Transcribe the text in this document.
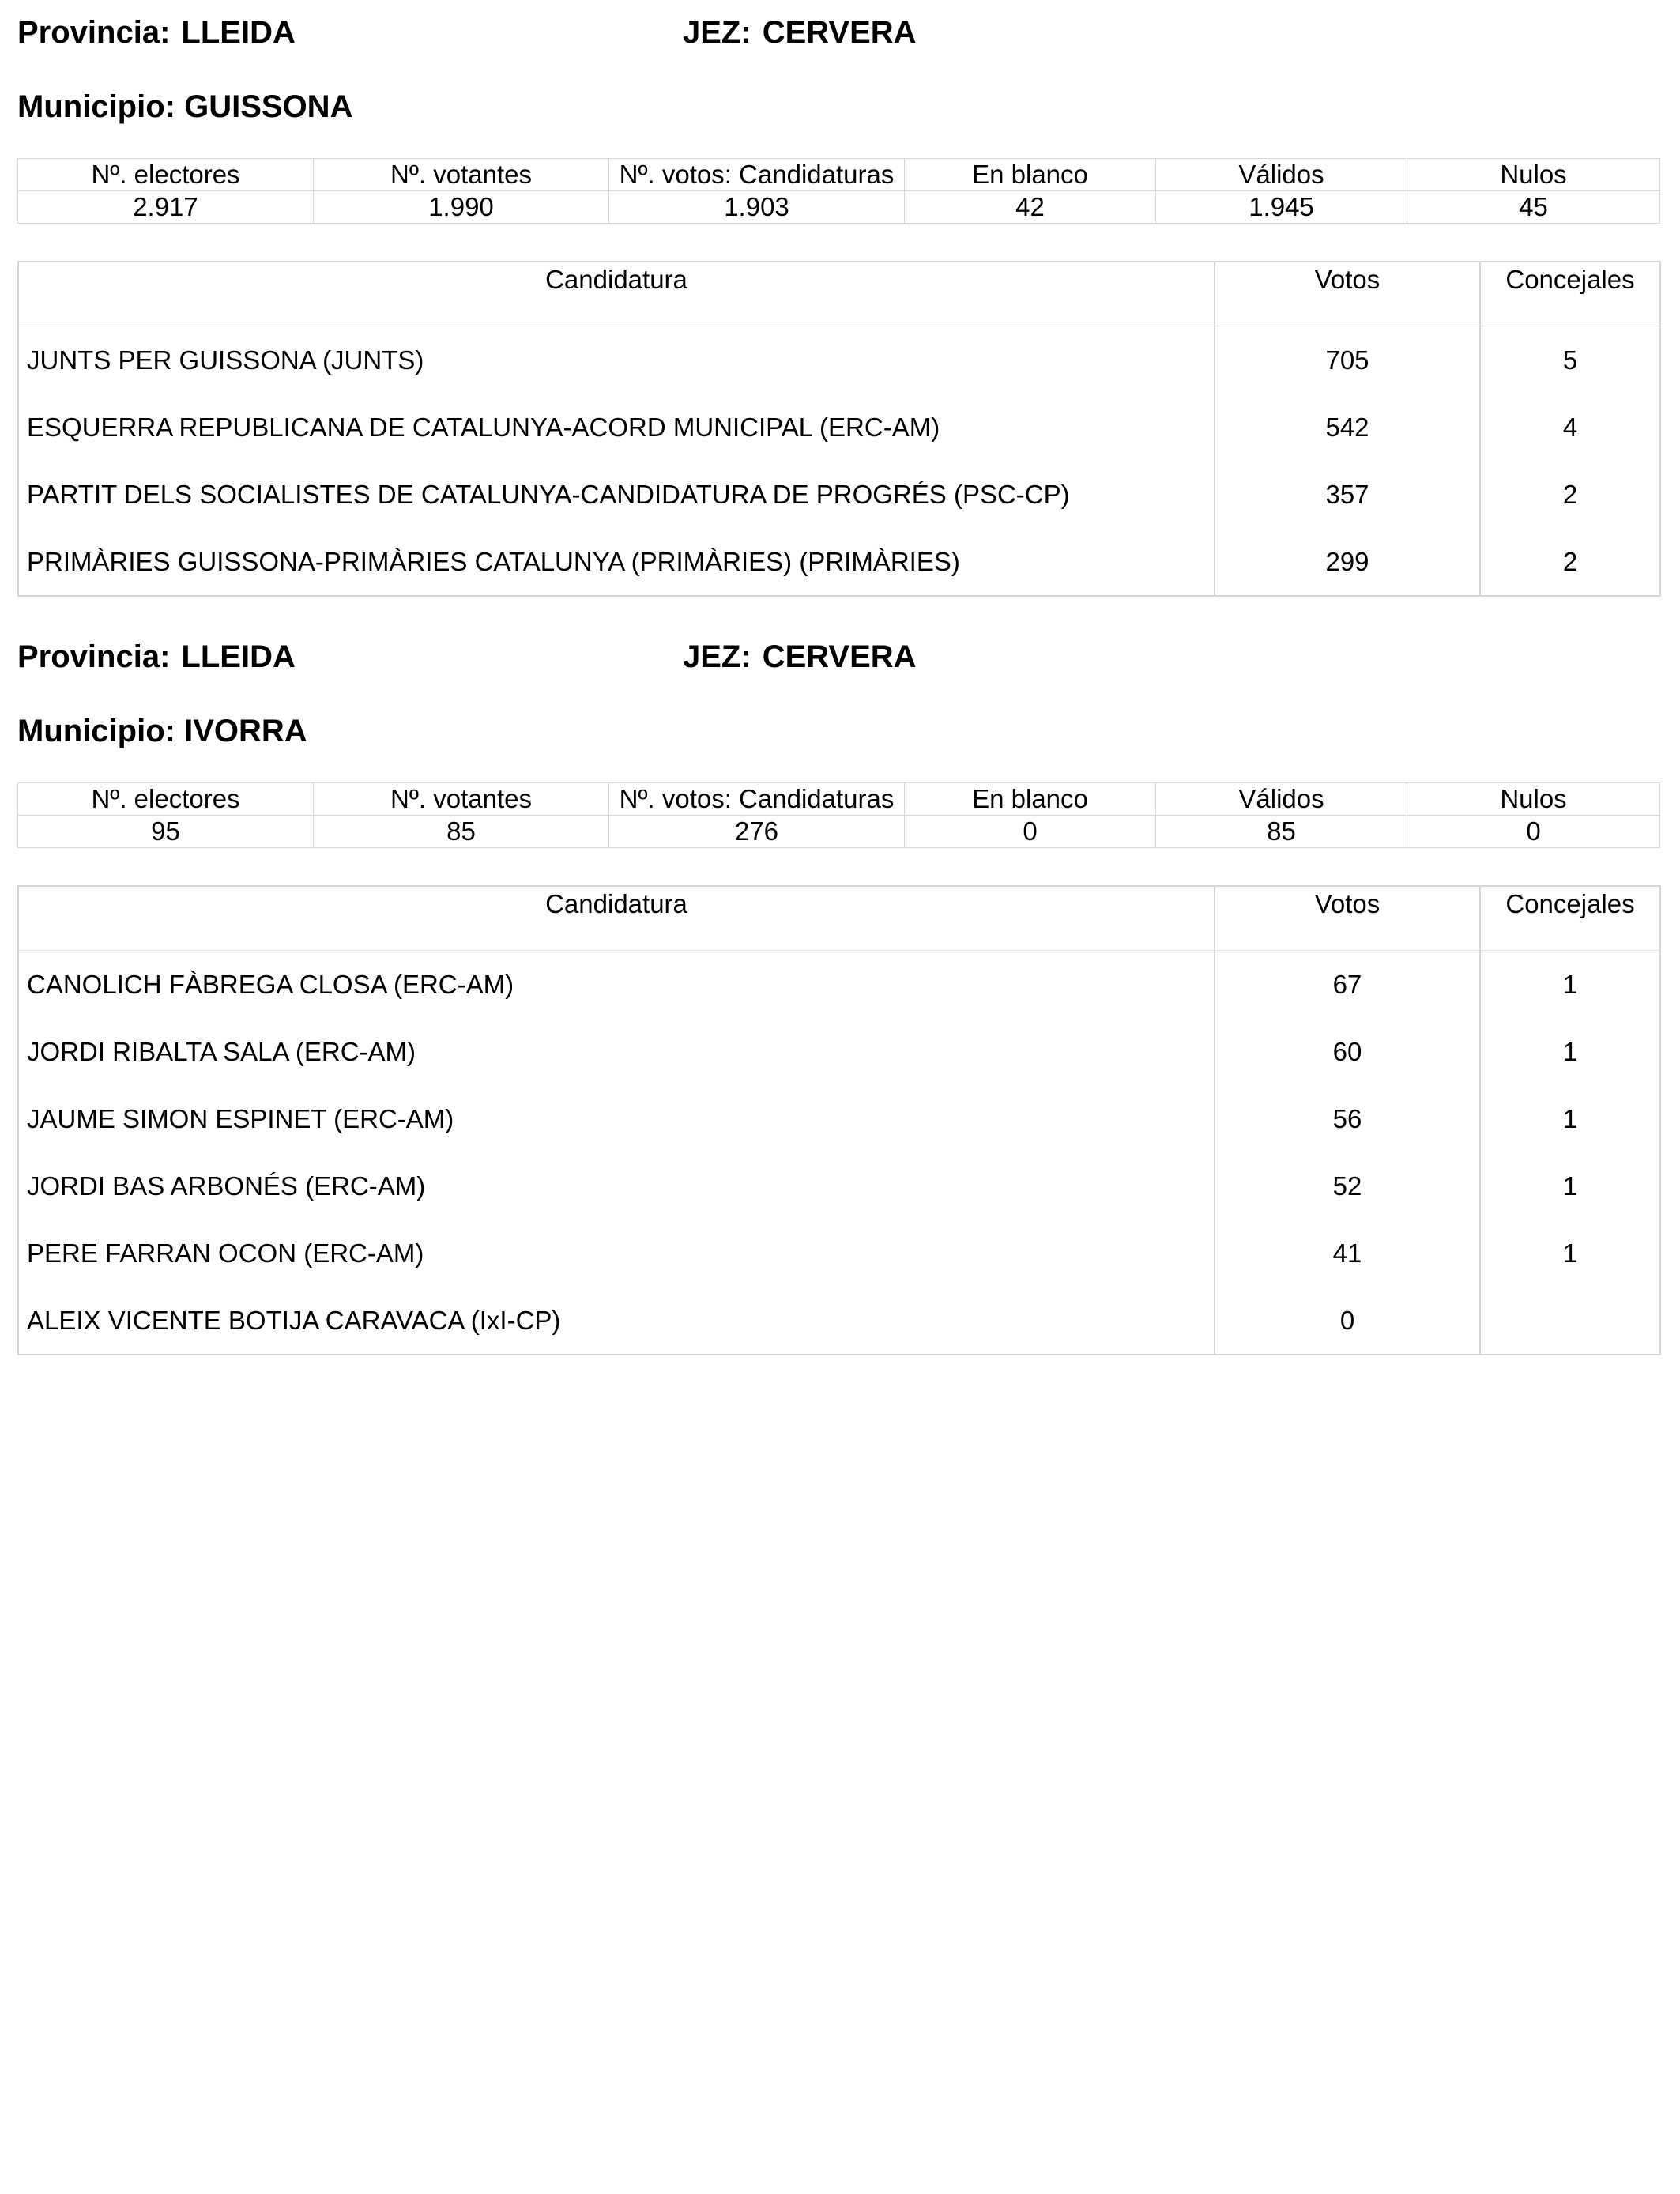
Provincia: LLEIDA	JEZ: CERVERA
Municipio: GUISSONA
Nº. electores	Nº. votantes	Nº. votos: Candidaturas	En blanco	Válidos	Nulos
2.917	1.990	1.903	42	1.945	45
Candidatura	Votos	Concejales
JUNTS PER GUISSONA (JUNTS)	705	5
ESQUERRA REPUBLICANA DE CATALUNYA-ACORD MUNICIPAL (ERC-AM)	542	4
PARTIT DELS SOCIALISTES DE CATALUNYA-CANDIDATURA DE PROGRÉS (PSC-CP)	357	2
PRIMÀRIES GUISSONA-PRIMÀRIES CATALUNYA (PRIMÀRIES) (PRIMÀRIES)	299	2
Provincia: LLEIDA	JEZ: CERVERA
Municipio: IVORRA
Nº. electores	Nº. votantes	Nº. votos: Candidaturas	En blanco	Válidos	Nulos
95	85	276	0	85	0
Candidatura	Votos	Concejales
CANOLICH FÀBREGA CLOSA (ERC-AM)	67	1
JORDI RIBALTA SALA (ERC-AM)	60	1
JAUME SIMON ESPINET (ERC-AM)	56	1
JORDI BAS ARBONÉS (ERC-AM)	52	1
PERE FARRAN OCON (ERC-AM)	41	1
ALEIX VICENTE BOTIJA CARAVACA (IxI-CP)	0	
